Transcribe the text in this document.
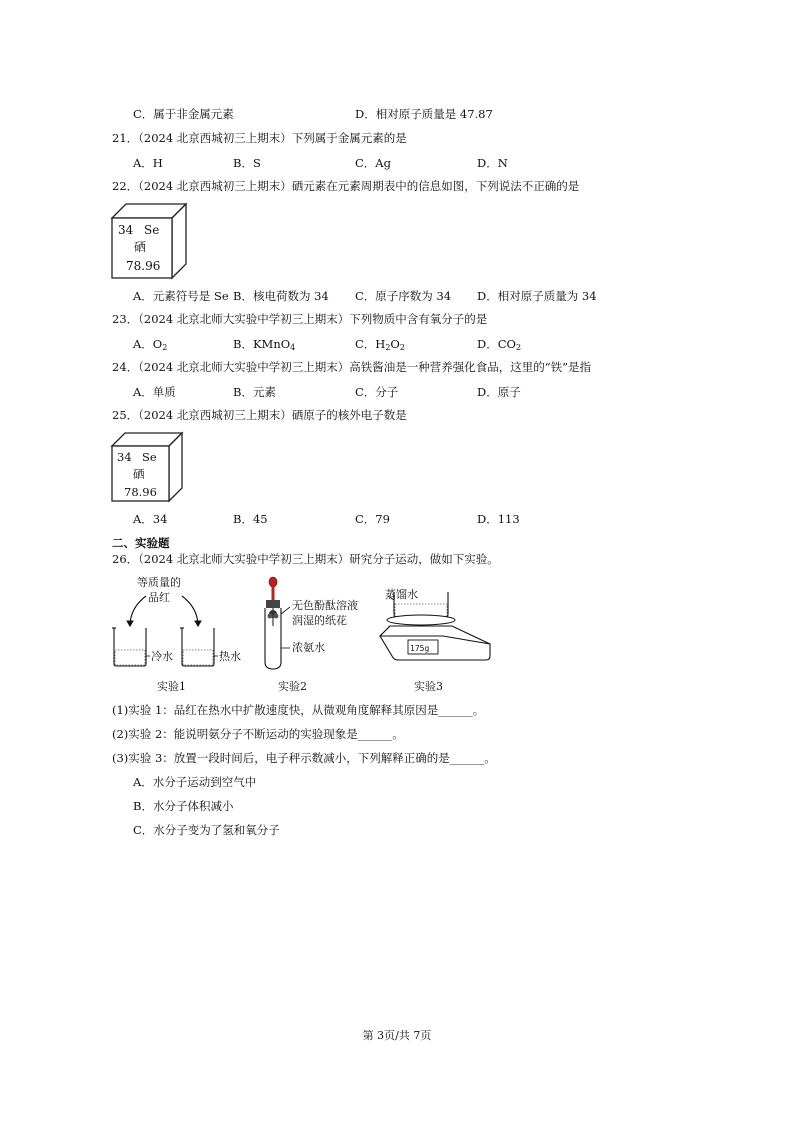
C．属于非金属元素	D．相对原子质量是 47.87
21．（2024 北京西城初三上期末）下列属于金属元素的是
A．H	B．S	C．Ag	D．N
22．（2024 北京西城初三上期末）硒元素在元素周期表中的信息如图，下列说法不正确的是
34 Se
硒
78.96
A．元素符号是 Se B．核电荷数为 34 C．原子序数为 34 D．相对原子质量为 34
23．（2024 北京北师大实验中学初三上期末）下列物质中含有氧分子的是
A．$O_2$	B．KMnO$_4$	C．$H_2O_2$	D．$CO_2$
24．（2024 北京北师大实验中学初三上期末）高铁酱油是一种营养强化食品，这里的“铁”是指
A．单质	B．元素	C．分子	D．原子
25．（2024 北京西城初三上期末）硒原子的核外电子数是
34 Se
硒
78.96
A．34	B．45	C．79	D．113
二、实验题
26．（2024 北京北师大实验中学初三上期末）研究分子运动，做如下实验。
等质量的
品红
冷水	热水
无色酚酞溶液
润湿的纸花
浓氨水
蒸馏水
175g
实验1	实验2	实验3
(1)实验 1：品红在热水中扩散速度快，从微观角度解释其原因是______。
(2)实验 2：能说明氨分子不断运动的实验现象是______。
(3)实验 3：放置一段时间后，电子秤示数减小，下列解释正确的是______。
A．水分子运动到空气中
B．水分子体积减小
C．水分子变为了氢和氧分子
第 3页/共 7页
